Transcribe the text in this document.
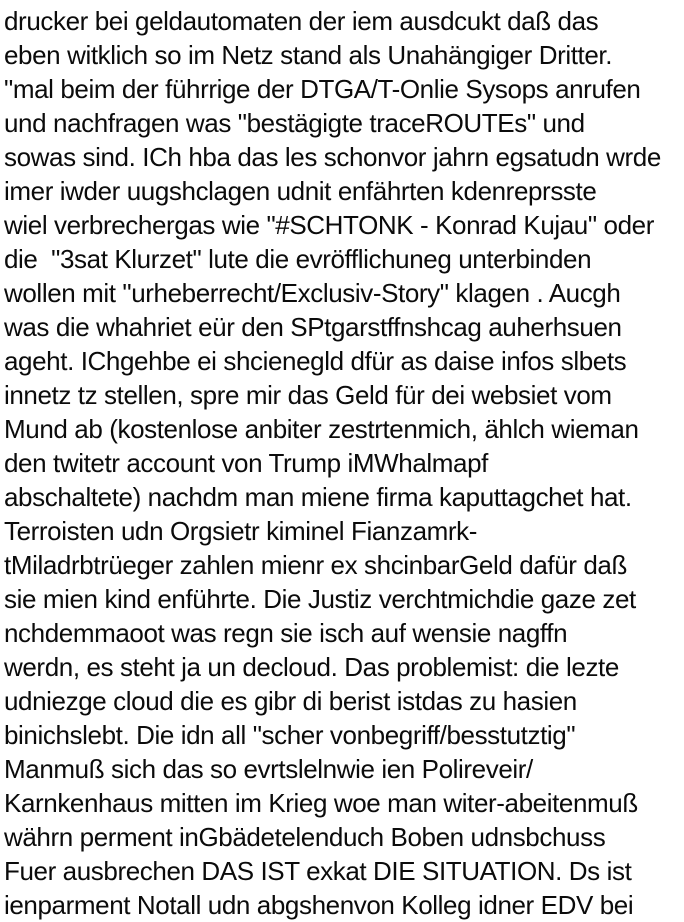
drucker bei geldautomaten der iem ausdcukt daß das
eben witklich so im Netz stand als Unahängiger Dritter.
"mal beim der führrige der DTGA/T-Onlie Sysops anrufen
und nachfragen was "bestägigte traceROUTEs" und
sowas sind. ICh hba das les schonvor jahrn egsatudn wrde
imer iwder uugshclagen udnit enfährten kdenreprsste
wiel verbrechergas wie "#SCHTONK - Konrad Kujau" oder
die  "3sat Klurzet" lute die evröfflichuneg unterbinden
wollen mit "urheberrecht/Exclusiv-Story" klagen . Aucgh
was die whahriet eür den SPtgarstffnshcag auherhsuen
ageht. IChgehbe ei shcienegld dfür as daise infos slbets
innetz tz stellen, spre mir das Geld für dei websiet vom
Mund ab (kostenlose anbiter zestrtenmich, ählch wieman
den twitetr account von Trump iMWhalmapf
abschaltete) nachdm man miene firma kaputtagchet hat.
Terroisten udn Orgsietr kiminel Fianzamrk-
tMiladrbtrüeger zahlen mienr ex shcinbarGeld dafür daß
sie mien kind enführte. Die Justiz verchtmichdie gaze zet
nchdemmaoot was regn sie isch auf wensie nagffn
werdn, es steht ja un decloud. Das problemist: die lezte
udniezge cloud die es gibr di berist istdas zu hasien
binichslebt. Die idn all "scher vonbegriff/besstutztig"
Manmuß sich das so evrtslelnwie ien Polireveir/
Karnkenhaus mitten im Krieg woe man witer-abeitenmuß
währn perment inGbädetelenduch Boben udnsbchuss
Fuer ausbrechen DAS IST exkat DIE SITUATION. Ds ist
ienparment Notall udn abgshenvon Kolleg idner EDV bei
